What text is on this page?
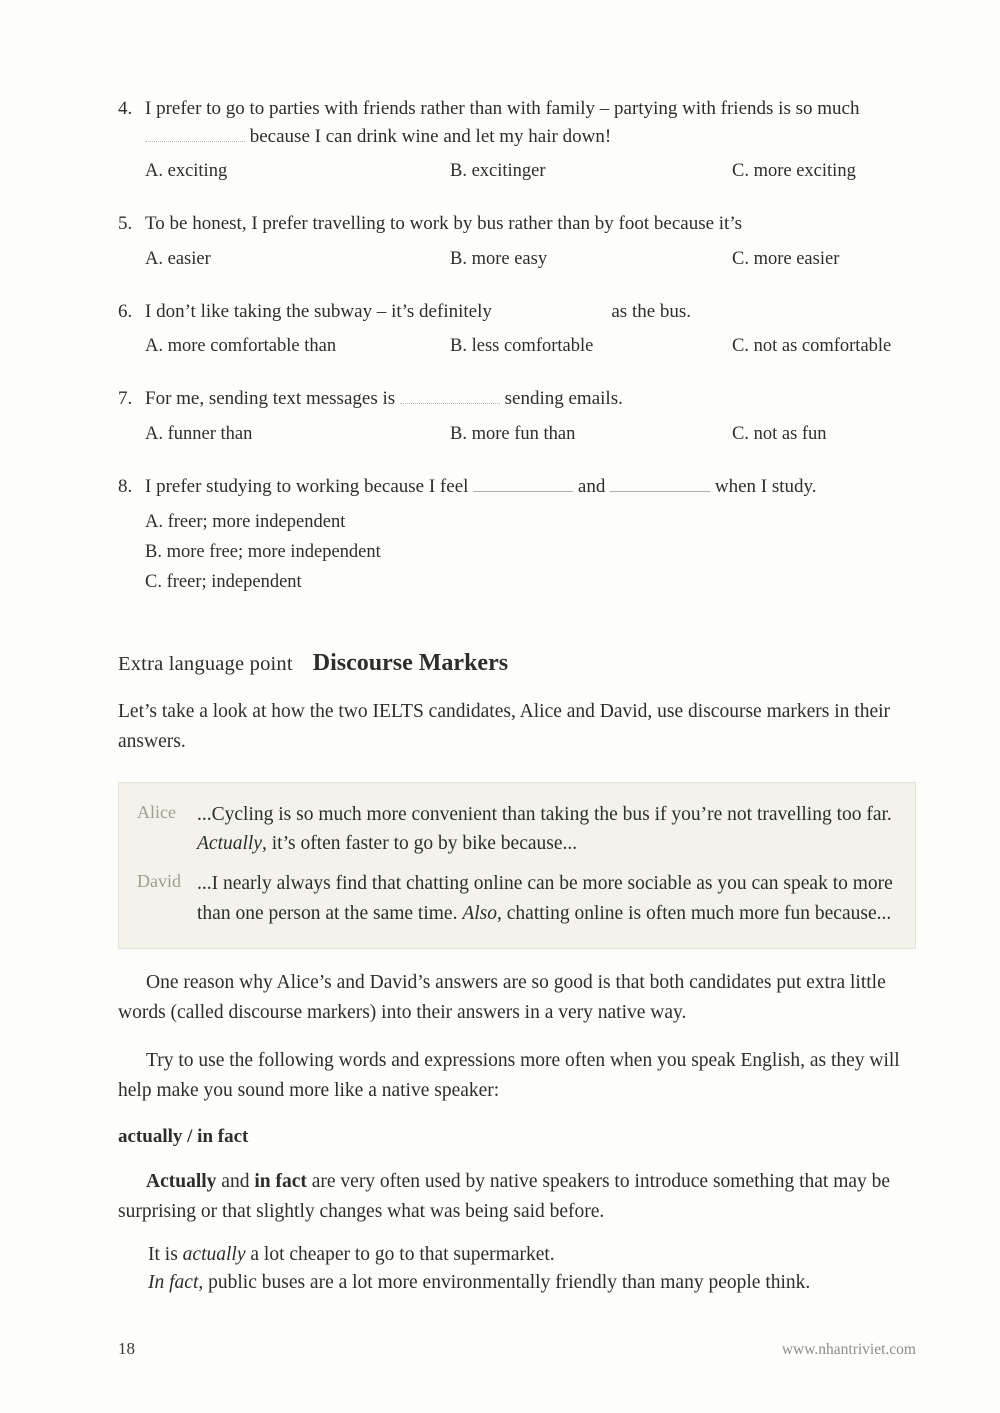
4. I prefer to go to parties with friends rather than with family – partying with friends is so much  because I can drink wine and let my hair down!
A. exciting	B. excitinger	C. more exciting
5. To be honest, I prefer travelling to work by bus rather than by foot because it’s
A. easier	B. more easy	C. more easier
6. I don’t like taking the subway – it’s definitely	as the bus.
A. more comfortable than	B. less comfortable	C. not as comfortable
7. For me, sending text messages is	sending emails.
A. funner than	B. more fun than	C. not as fun
8. I prefer studying to working because I feel	and	when I study.
A. freer; more independent
B. more free; more independent
C. freer; independent
Extra language point Discourse Markers

Let’s take a look at how the two IELTS candidates, Alice and David, use discourse markers in their answers.

Alice	...Cycling is so much more convenient than taking the bus if you’re not travelling too far. Actually, it’s often faster to go by bike because...
David ...I nearly always find that chatting online can be more sociable as you can speak to more than one person at the same time. Also, chatting online is often much more fun because...

One reason why Alice’s and David’s answers are so good is that both candidates put extra little words (called discourse markers) into their answers in a very native way.

Try to use the following words and expressions more often when you speak English, as they will help make you sound more like a native speaker:

actually / in fact

Actually and in fact are very often used by native speakers to introduce something that may be surprising or that slightly changes what was being said before.

It is actually a lot cheaper to go to that supermarket.

In fact, public buses are a lot more environmentally friendly than many people think.

18	www.nhantriviet.com
